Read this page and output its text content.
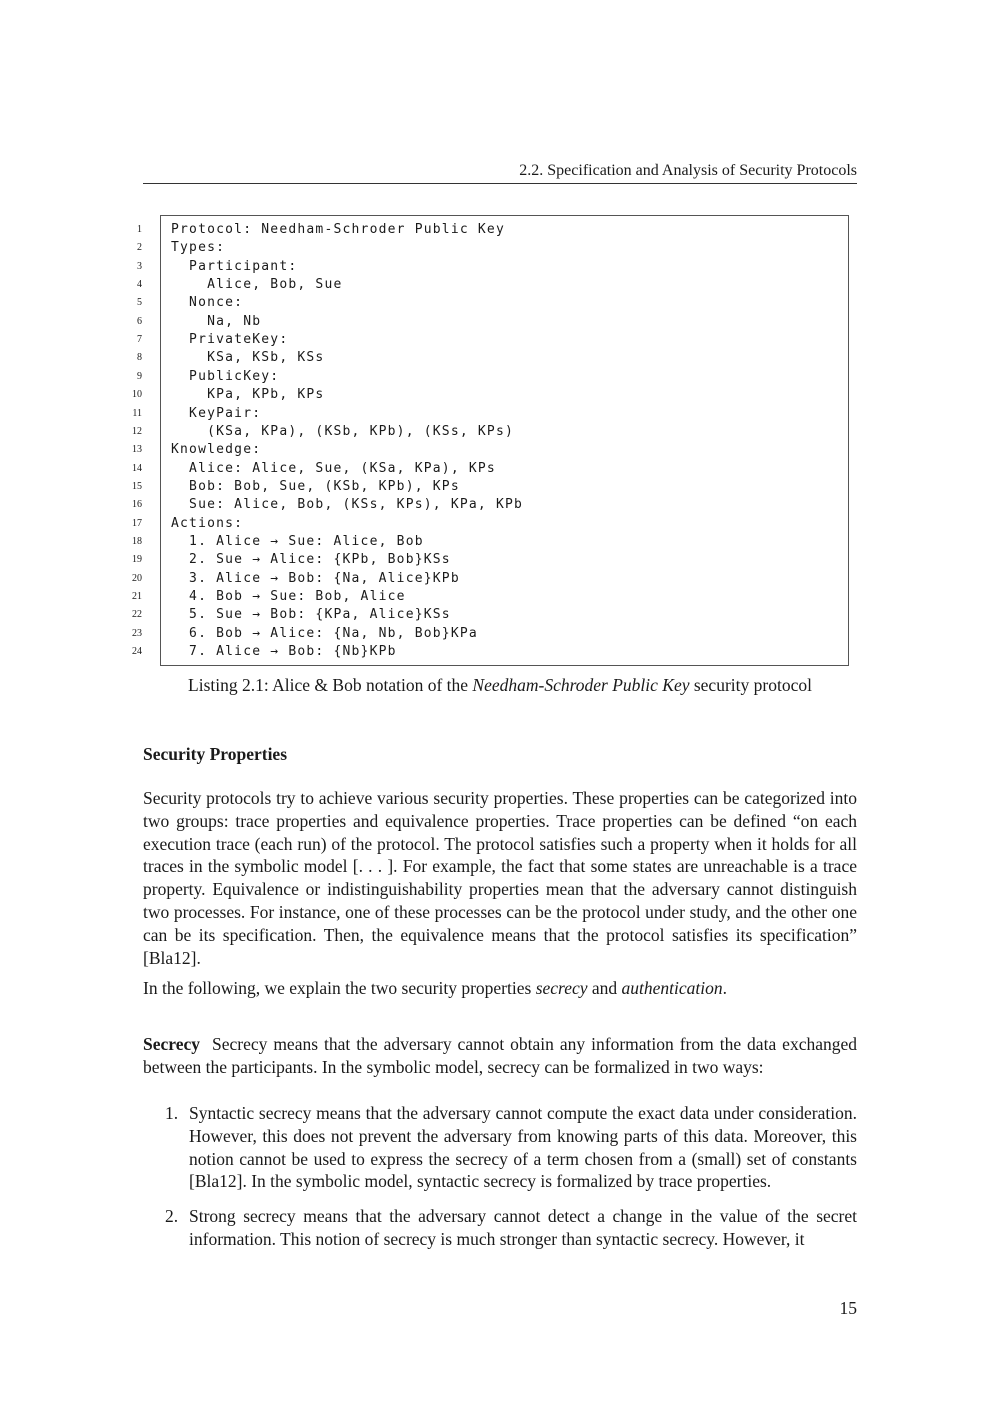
2.2. Specification and Analysis of Security Protocols
1 Protocol: Needham-Schroder Public Key
2 Types:
3 Participant:
4 Alice, Bob, Sue
5 Nonce:
6 Na, Nb
7 PrivateKey:
8 KSa, KSb, KSs
9 PublicKey:
10 KPa, KPb, KPs
11 KeyPair:
12 (KSa, KPa), (KSb, KPb), (KSs, KPs)
13 Knowledge:
14 Alice: Alice, Sue, (KSa, KPa), KPs
15 Bob: Bob, Sue, (KSb, KPb), KPs
16 Sue: Alice, Bob, (KSs, KPs), KPa, KPb
17 Actions:
18 1. Alice → Sue: Alice, Bob
19 2. Sue → Alice: {KPb, Bob}KSs
20 3. Alice → Bob: {Na, Alice}KPb
21 4. Bob → Sue: Bob, Alice
22 5. Sue → Bob: {KPa, Alice}KSs
23 6. Bob → Alice: {Na, Nb, Bob}KPa
24 7. Alice → Bob: {Nb}KPb
Listing 2.1: Alice & Bob notation of the Needham-Schroder Public Key security protocol
Security Properties

Security protocols try to achieve various security properties. These properties can be categorized into two groups: trace properties and equivalence properties. Trace properties can be defined “on each execution trace (each run) of the protocol. The protocol satisfies such a property when it holds for all traces in the symbolic model [. . . ]. For example, the fact that some states are unreachable is a trace property. Equivalence or indistinguishability properties mean that the adversary cannot distinguish two processes. For instance, one of these processes can be the protocol under study, and the other one can be its specification. Then, the equivalence means that the protocol satisfies its specification” [Bla12].

In the following, we explain the two security properties secrecy and authentication.

Secrecy Secrecy means that the adversary cannot obtain any information from the data exchanged between the participants. In the symbolic model, secrecy can be formalized in two ways:

1. Syntactic secrecy means that the adversary cannot compute the exact data under consideration. However, this does not prevent the adversary from knowing parts of this data. Moreover, this notion cannot be used to express the secrecy of a term chosen from a (small) set of constants [Bla12]. In the symbolic model, syntactic secrecy is formalized by trace properties.
2. Strong secrecy means that the adversary cannot detect a change in the value of the secret information. This notion of secrecy is much stronger than syntactic secrecy. However, it
15
